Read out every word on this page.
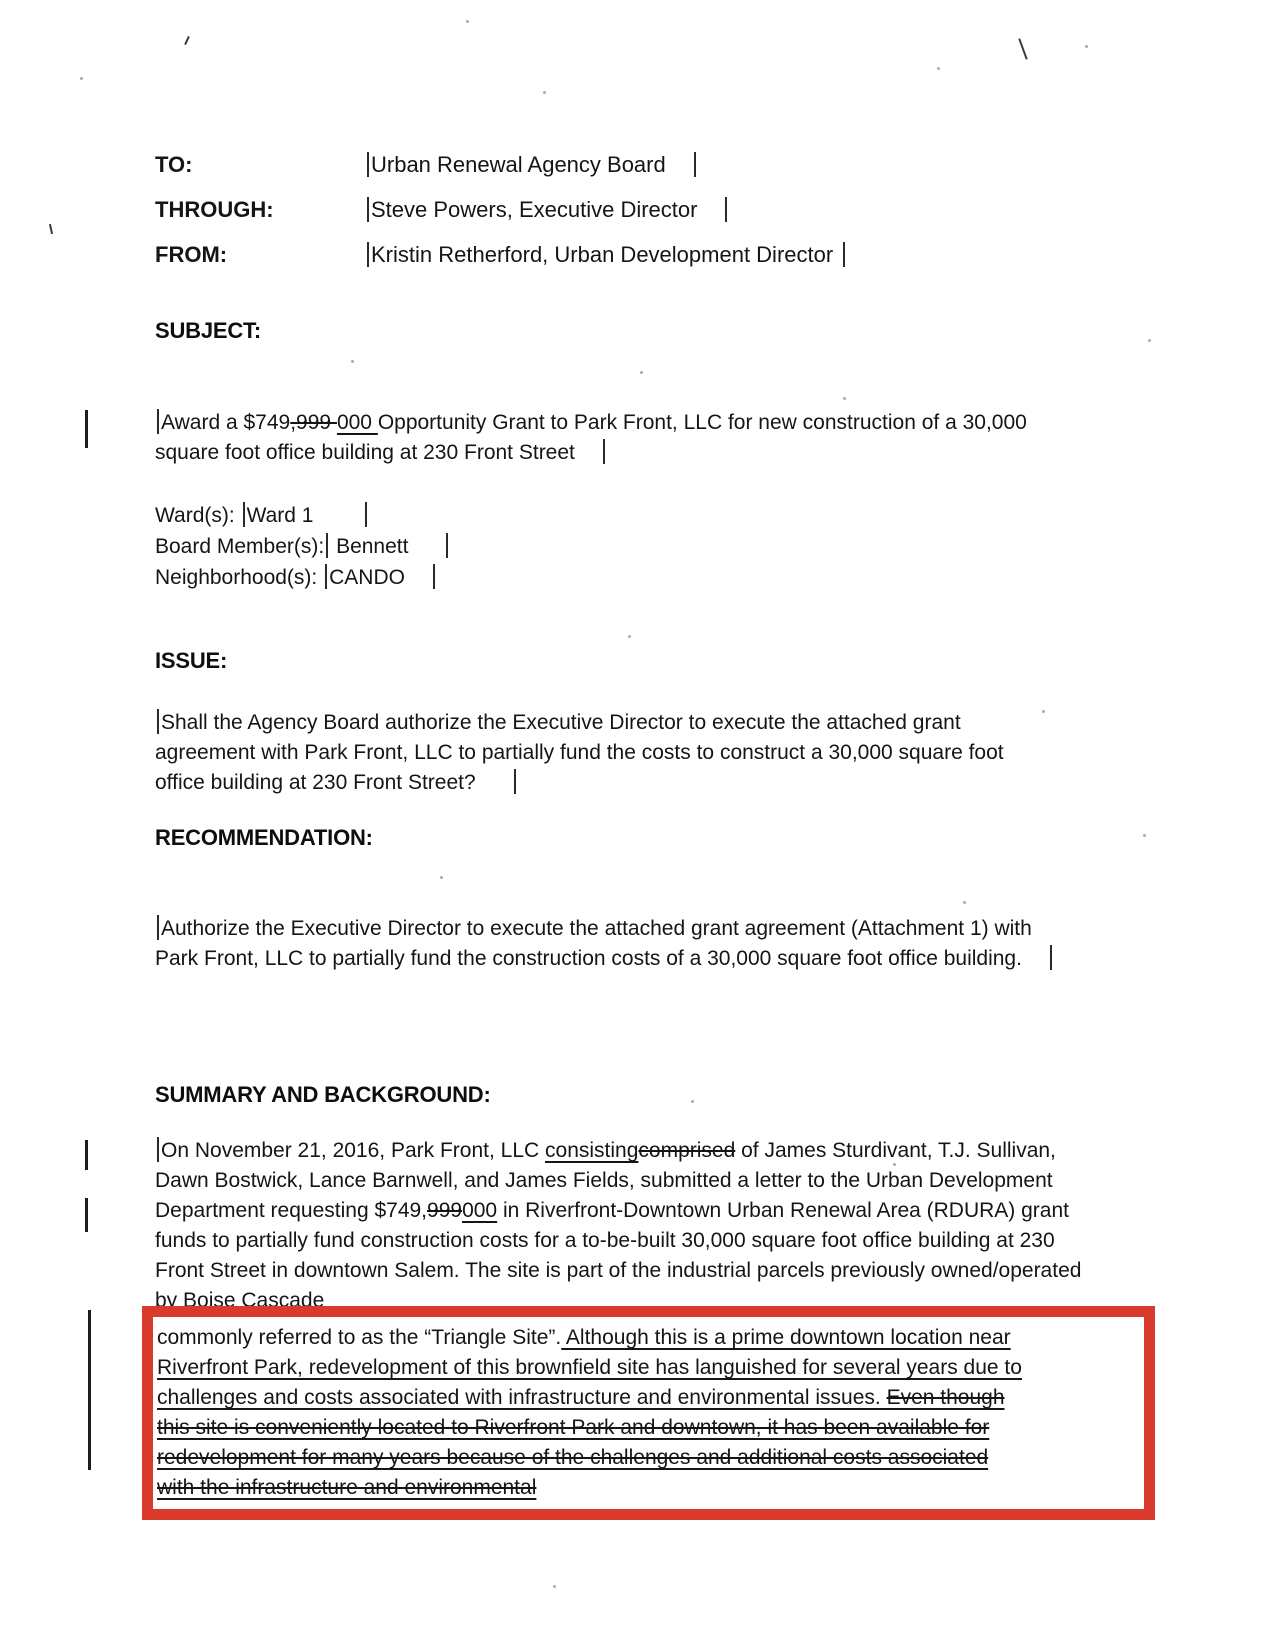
TO:	Urban Renewal Agency Board
THROUGH:	Steve Powers, Executive Director
FROM:	Kristin Retherford, Urban Development Director
SUBJECT:
Award a $749,999 000 Opportunity Grant to Park Front, LLC for new construction of a 30,000 square foot office building at 230 Front Street
Ward(s): Ward 1
Board Member(s): Bennett
Neighborhood(s): CANDO
ISSUE:
Shall the Agency Board authorize the Executive Director to execute the attached grant agreement with Park Front, LLC to partially fund the costs to construct a 30,000 square foot office building at 230 Front Street?
RECOMMENDATION:
Authorize the Executive Director to execute the attached grant agreement (Attachment 1) with Park Front, LLC to partially fund the construction costs of a 30,000 square foot office building.
SUMMARY AND BACKGROUND:
On November 21, 2016, Park Front, LLC consistingcomprised of James Sturdivant, T.J. Sullivan, Dawn Bostwick, Lance Barnwell, and James Fields, submitted a letter to the Urban Development Department requesting $749,999000 in Riverfront-Downtown Urban Renewal Area (RDURA) grant funds to partially fund construction costs for a to-be-built 30,000 square foot office building at 230 Front Street in downtown Salem. The site is part of the industrial parcels previously owned/operated by Boise Cascade
commonly referred to as the “Triangle Site”. Although this is a prime downtown location near Riverfront Park, redevelopment of this brownfield site has languished for several years due to challenges and costs associated with infrastructure and environmental issues. Even though this site is conveniently located to Riverfront Park and downtown, it has been available for redevelopment for many years because of the challenges and additional costs associated with the infrastructure and environmental
